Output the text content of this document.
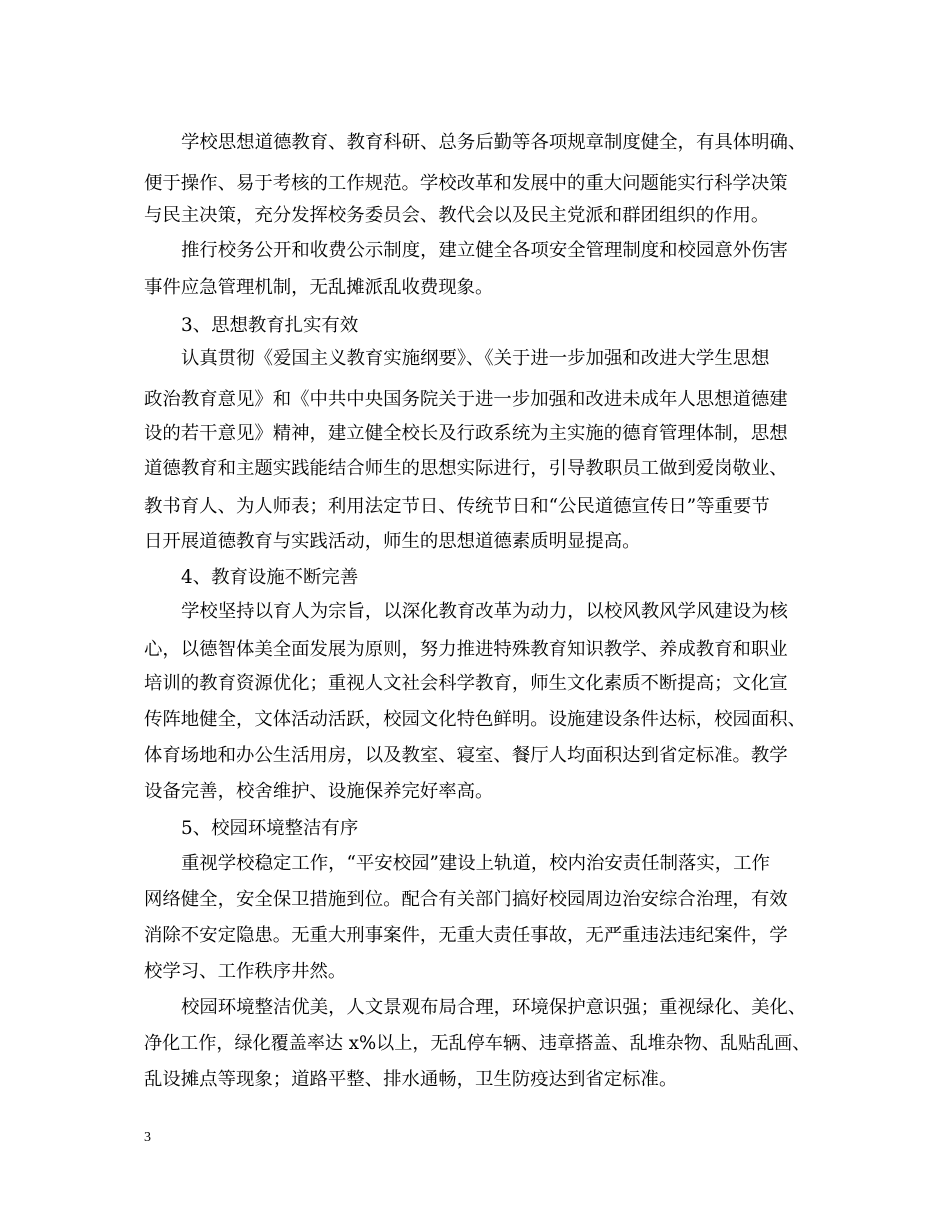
学校思想道德教育、教育科研、总务后勤等各项规章制度健全，有具体明确、
便于操作、易于考核的工作规范。学校改革和发展中的重大问题能实行科学决策
与民主决策，充分发挥校务委员会、教代会以及民主党派和群团组织的作用。
推行校务公开和收费公示制度，建立健全各项安全管理制度和校园意外伤害
事件应急管理机制，无乱摊派乱收费现象。
3、思想教育扎实有效
认真贯彻《爱国主义教育实施纲要》、《关于进一步加强和改进大学生思想
政治教育意见》和《中共中央国务院关于进一步加强和改进未成年人思想道德建
设的若干意见》精神，建立健全校长及行政系统为主实施的德育管理体制，思想
道德教育和主题实践能结合师生的思想实际进行，引导教职员工做到爱岗敬业、
教书育人、为人师表；利用法定节日、传统节日和“公民道德宣传日”等重要节
日开展道德教育与实践活动，师生的思想道德素质明显提高。
4、教育设施不断完善
学校坚持以育人为宗旨，以深化教育改革为动力，以校风教风学风建设为核
心，以德智体美全面发展为原则，努力推进特殊教育知识教学、养成教育和职业
培训的教育资源优化；重视人文社会科学教育，师生文化素质不断提高；文化宣
传阵地健全，文体活动活跃，校园文化特色鲜明。设施建设条件达标，校园面积、
体育场地和办公生活用房，以及教室、寝室、餐厅人均面积达到省定标准。教学
设备完善，校舍维护、设施保养完好率高。
5、校园环境整洁有序
重视学校稳定工作，“平安校园”建设上轨道，校内治安责任制落实，工作
网络健全，安全保卫措施到位。配合有关部门搞好校园周边治安综合治理，有效
消除不安定隐患。无重大刑事案件，无重大责任事故，无严重违法违纪案件，学
校学习、工作秩序井然。
校园环境整洁优美，人文景观布局合理，环境保护意识强；重视绿化、美化、
净化工作，绿化覆盖率达 x%以上，无乱停车辆、违章搭盖、乱堆杂物、乱贴乱画、
乱设摊点等现象；道路平整、排水通畅，卫生防疫达到省定标准。
3
